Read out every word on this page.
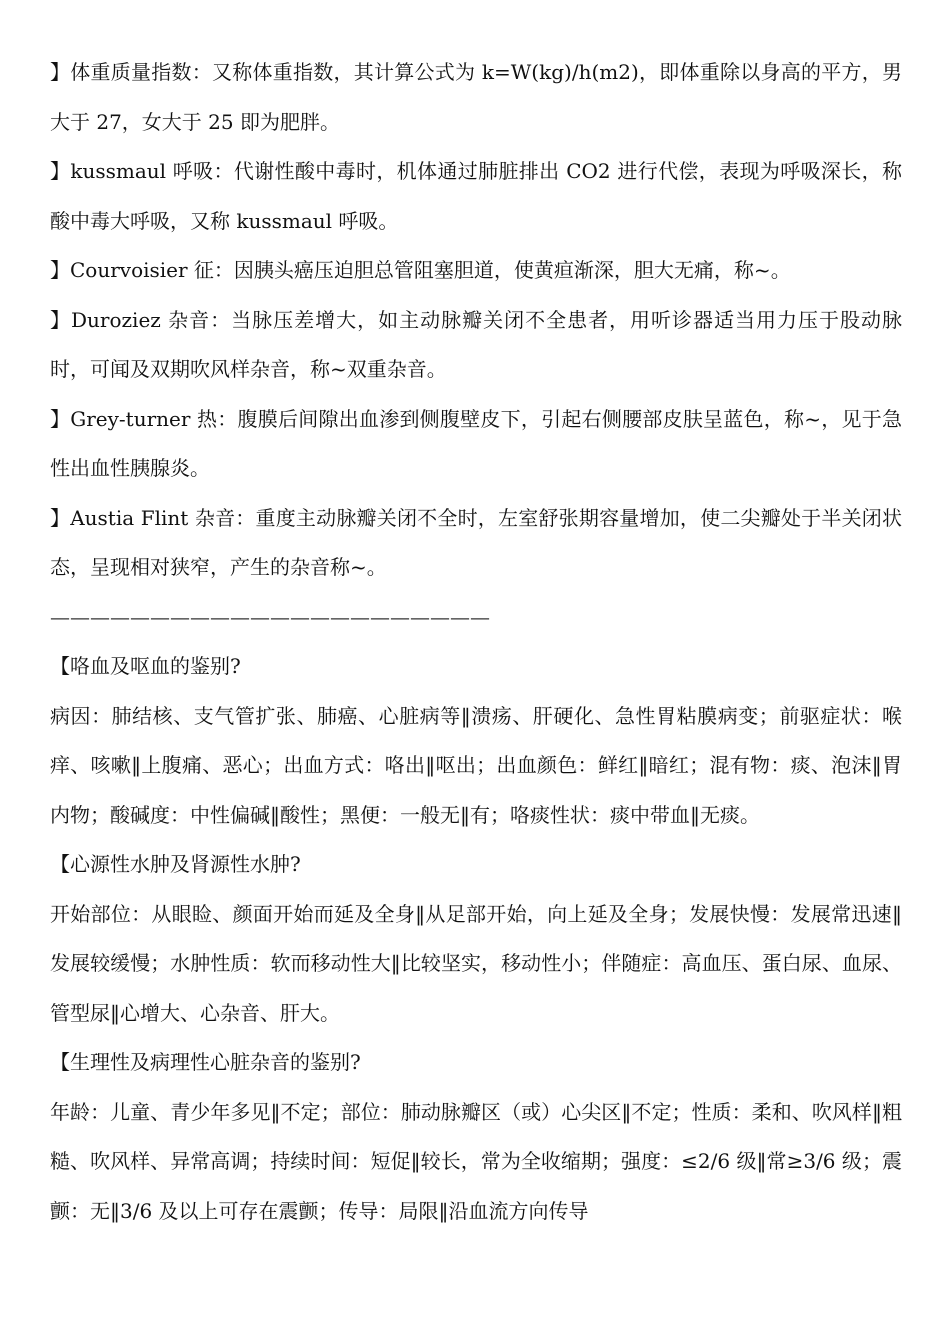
】体重质量指数：又称体重指数，其计算公式为 k=W(kg)/h(m2)，即体重除以身高的平方，男大于 27，女大于 25 即为肥胖。

】kussmaul 呼吸：代谢性酸中毒时，机体通过肺脏排出 CO2 进行代偿，表现为呼吸深长，称酸中毒大呼吸，又称 kussmaul 呼吸。

】Courvoisier 征：因胰头癌压迫胆总管阻塞胆道，使黄疸渐深，胆大无痛，称~。

】Duroziez 杂音：当脉压差增大，如主动脉瓣关闭不全患者，用听诊器适当用力压于股动脉时，可闻及双期吹风样杂音，称~双重杂音。

】Grey-turner 热：腹膜后间隙出血渗到侧腹壁皮下，引起右侧腰部皮肤呈蓝色，称~，见于急性出血性胰腺炎。

】Austia Flint 杂音：重度主动脉瓣关闭不全时，左室舒张期容量增加，使二尖瓣处于半关闭状态，呈现相对狭窄，产生的杂音称~。

——————————————————————

【咯血及呕血的鉴别?

病因：肺结核、支气管扩张、肺癌、心脏病等‖溃疡、肝硬化、急性胃粘膜病变；前驱症状：喉痒、咳嗽‖上腹痛、恶心；出血方式：咯出‖呕出；出血颜色：鲜红‖暗红；混有物：痰、泡沫‖胃内物；酸碱度：中性偏碱‖酸性；黑便：一般无‖有；咯痰性状：痰中带血‖无痰。

【心源性水肿及肾源性水肿?

开始部位：从眼睑、颜面开始而延及全身‖从足部开始，向上延及全身；发展快慢：发展常迅速‖发展较缓慢；水肿性质：软而移动性大‖比较坚实，移动性小；伴随症：高血压、蛋白尿、血尿、管型尿‖心增大、心杂音、肝大。

【生理性及病理性心脏杂音的鉴别?

年龄：儿童、青少年多见‖不定；部位：肺动脉瓣区（或）心尖区‖不定；性质：柔和、吹风样‖粗糙、吹风样、异常高调；持续时间：短促‖较长，常为全收缩期；强度：≤2/6 级‖常≥3/6 级；震颤：无‖3/6 及以上可存在震颤；传导：局限‖沿血流方向传导
